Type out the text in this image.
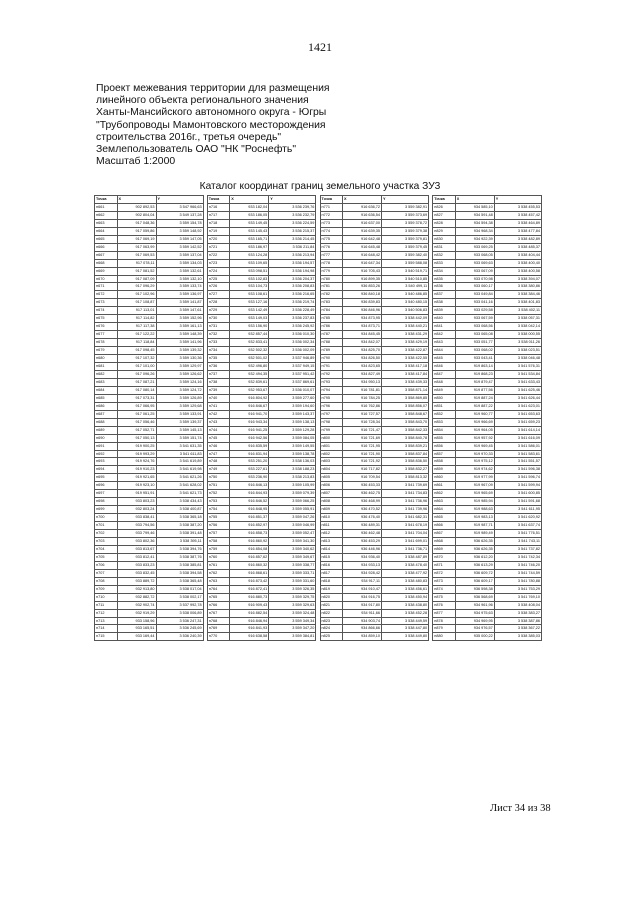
1421
Проект межевания территории для размещения
линейного объекта регионального значения
Ханты-Мансийского автономного округа - Югры
"Трубопроводы Мамонтовского месторождения
строительства 2016г., третья очередь"
Землепользователь ОАО "НК "Роснефть"
Масштаб 1:2000
Каталог координат границ земельного участка ЗУ3
Точка	X	Y		Точка	X	Y		Точка	X	Y		Точка	X	Y
н661	902 892,53	3 547 966,63		н716	933 182,04	3 536 239,76		н771	916 636,72	3 559 382,91		н826	934 585,10	3 538 455,53
н662	902 804,04	3 549 137,28		н717	933 186,05	3 536 232,79		н772	916 636,54	3 559 373,69		н827	934 591,48	3 538 457,42
н663	917 048,36	3 559 154,78		н718	933 149,45	3 536 224,59		н773	916 637,00	3 559 378,72		н828	934 594,38	3 538 464,89
н664	917 059,86	3 559 148,92		н719	933 145,43	3 536 215,37		н774	916 639,35	3 559 379,38		н829	934 968,34	3 538 477,84
н665	917 069,19	3 559 147,05		н720	933 165,71	3 536 214,45		н775	916 642,48	3 559 379,81		н830	934 922,39	3 538 482,89
н666	917 063,99	3 559 142,52		н721	933 186,97	3 536 211,84		н776	916 645,48	3 559 379,45		н831	933 069,25	3 538 485,37
н667	917 069,53	3 559 137,04		н722	933 124,28	3 536 213,94		н777	916 648,42	3 559 382,40		н832	933 068,05	3 538 404,44
н668	917 078,11	3 559 134,03		н723	933 109,65	3 536 194,57		н778	916 647,34	3 559 588,08		н833	933 069,63	3 538 400,40
н669	917 081,52	3 559 132,61		н724	933 098,51	3 536 194,98		н779	916 705,43	3 540 519,71		н834	933 067,09	3 538 400,58
н670	917 087,09	3 559 132,10		н725	933 102,83	3 536 204,37		н780	916 899,35	3 540 510,85		н835	933 070,98	3 538 394,07
н671	917 096,29	3 559 133,74		н726	933 104,73	3 536 208,83		н781	936 853,26	3 540 499,11		н836	933 060,17	3 538 380,86
н672	917 102,96	3 559 136,97		н727	933 108,61	3 536 216,65		н782	936 840,18	3 540 486,85		н837	933 049,84	3 538 384,46
н673	917 108,87	3 559 141,87		н728	933 127,16	3 536 219,74		н783	936 839,83	3 540 480,15		н838	933 041,16	3 538 401,83
н674	917 113,01	3 559 147,61		н729	933 142,49	3 536 228,49		н784	936 846,96	3 540 506,83		н839	933 029,58	3 538 402,11
н675	917 114,82	3 559 152,96		н730	933 149,03	3 536 237,83		н785	934 873,95	3 538 442,09		н840	933 067,59	3 538 057,31
н676	917 117,38	3 559 161,13		н731	933 156,90	3 536 245,92		н786	934 873,71	3 538 440,21		н841	933 068,56	3 538 042,14
н677	917 122,22	3 559 148,39		н732	932 857,44	3 536 010,30		н787	934 845,45	3 538 431,29		н842	933 065,08	3 538 000,55
н678	917 118,84	3 559 141,96		н733	932 833,41	3 536 002,34		н788	934 842,07	3 538 429,19		н843	933 051,77	3 538 011,26
н679	917 098,45	3 559 139,32		н734	932 502,32	3 536 002,09		н789	934 825,70	3 538 422,87		н844	933 068,02	3 538 023,51
н680	917 107,32	3 559 130,36		н735	932 501,02	3 537 946,89		н790	934 826,50	3 538 422,55		н845	933 043,41	3 538 046,48
н681	917 101,00	3 559 129,97		н736	932 496,80	3 537 949,15		н791	934 823,65	3 538 417,18		н846	919 863,14	3 541 576,31
н682	917 096,26	3 559 126,62		н737	932 494,35	3 537 951,42		н792	934 827,49	3 538 417,84		н847	919 868,23	3 541 534,84
н683	917 087,21	3 559 124,16		н738	932 839,61	3 537 869,61		н793	934 950,13	3 538 439,33		н848	919 879,47	3 541 633,43
н684	917 080,14	3 559 124,72		н739	932 953,67	3 536 010,07		н794	916 781,81	3 558 871,14		н849	919 877,56	3 541 625,46
н685	917 073,31	3 559 126,89		н740	916 804,92	3 559 277,60		н795	916 784,25	3 558 869,85		н850	919 887,24	3 541 626,44
н686	917 066,95	3 559 129,68		н741	916 846,67	3 559 194,60		н796	916 762,86	3 558 856,07		н851	919 887,22	3 541 623,01
н687	917 061,25	3 559 133,91		н742	916 941,70	3 559 143,37		н797	916 727,57	3 558 848,67		н852	919 960,77	3 541 653,63
н688	917 056,46	3 559 139,37		н743	916 943,34	3 559 138,13		н798	916 728,34	3 558 843,70		н853	919 966,69	3 541 659,23
н689	917 052,71	3 559 145,13		н744	916 941,25	3 559 129,28		н799	916 721,47	3 558 842,33		н854	919 964,05	3 541 614,14
н690	917 050,13	3 559 151,74		н745	916 942,56	3 559 084,05		н800	916 721,69	3 558 840,78		н855	919 957,92	3 541 616,09
н691	919 900,25	3 541 631,35		н746	916 835,59	3 559 149,55		н801	916 721,95	3 558 839,21		н856	919 969,45	3 541 586,01
н692	919 993,29	3 541 611,83		н747	916 831,94	3 559 138,78		н802	916 721,90	3 558 837,84		н857	919 970,33	3 541 583,61
н693	919 924,76	3 541 619,89		н748	933 251,20	3 538 136,03		н803	916 721,92	3 558 836,50		н858	919 975,12	3 541 551,57
н694	919 910,23	3 541 619,98		н749	933 227,61	3 538 188,23		н804	916 717,82	3 558 832,27		н859	919 974,62	3 541 596,38
н695	919 921,65	3 541 621,26		н750	933 236,90	3 538 213,83		н805	916 709,54	3 558 813,32		н860	919 977,99	3 541 596,74
н696	919 923,10	3 541 628,02		н751	916 846,13	3 559 105,99		н806	936 453,33	3 541 739,69		н861	919 967,09	3 541 599,94
н697	919 951,91	3 541 621,73		н752	916 844,93	3 559 079,39		н807	936 462,75	3 541 734,83		н862	919 965,69	3 541 600,85
н698	933 803,23	3 538 434,43		н753	916 846,52	3 559 066,25		н808	936 468,99	3 541 736,96		н863	919 985,94	3 541 591,68
н699	932 803,24	3 538 400,87		н754	916 848,95	3 559 055,91		н809	936 470,52	3 541 739,96		н864	919 988,63	3 541 611,95
н700	933 838,41	3 538 365,18		н755	916 851,37	3 559 047,26		н810	936 476,40	3 541 682,31		н865	919 983,13	3 541 620,92
н701	933 794,56	3 538 387,20		н756	916 852,97	3 559 046,99		н811	936 489,31	3 541 678,19		н866	919 987,71	3 541 637,74
н702	933 799,46	3 538 391,48		н757	916 858,73	3 559 052,47		н812	936 462,48	3 541 704,04		н867	919 989,49	3 541 776,51
н703	933 802,36	3 538 395,11		н758	916 860,92	3 559 341,30		н813	936 453,29	3 541 699,01		н868	936 626,35	3 541 743,11
н704	933 813,67	3 538 394,76		н759	916 854,08	3 559 340,62		н814	936 446,96	3 541 736,71		н869	936 626,35	3 541 737,82
н705	933 812,41	3 538 387,76		н760	916 857,62	3 559 349,67		н815	934 936,40	3 538 487,89		н870	936 612,20	3 541 742,34
н706	933 833,23	3 538 385,81		н761	916 860,32	3 559 338,77		н816	934 933,13	3 538 478,40		н871	936 613,29	3 541 746,20
н707	933 832,45	3 538 394,58		н762	916 868,61	3 559 333,71		н817	934 928,42	3 538 477,92		н872	936 609,72	3 541 744,59
н708	933 889,72	3 538 365,48		н763	916 873,42	3 559 331,60		н818	934 917,11	3 538 480,83		н873	936 609,17	3 541 780,88
н709	932 913,80	3 538 017,04		н764	916 872,41	3 559 326,35		н819	934 910,47	3 538 456,61		н874	936 598,38	3 541 753,29
н710	932 882,72	3 538 002,17		н765	916 880,73	3 559 329,75		н820	934 916,75	3 538 450,94		н875	936 568,69	3 541 769,10
н711	932 902,74	3 537 992,78		н766	916 909,43	3 559 329,63		н821	934 917,80	3 538 438,80		н876	934 961,96	3 538 408,04
н712	932 919,29	3 538 006,89		н767	916 882,54	3 559 324,48		н822	934 911,66	3 538 452,28		н877	934 975,63	3 538 383,27
н713	933 158,96	3 536 247,31		н768	916 846,94	3 559 349,34		н823	934 903,74	3 538 449,59		н878	934 969,95	3 538 387,86
н714	933 165,51	3 536 245,69		н769	916 841,93	3 559 347,20		н824	934 866,66	3 538 447,80		н879	934 976,57	3 538 367,22
н715	933 169,44	3 536 240,39		н770	916 638,58	3 559 384,81		н825	934 859,10	3 538 449,80		н880	935 000,22	3 538 385,03
Лист 34 из 38
